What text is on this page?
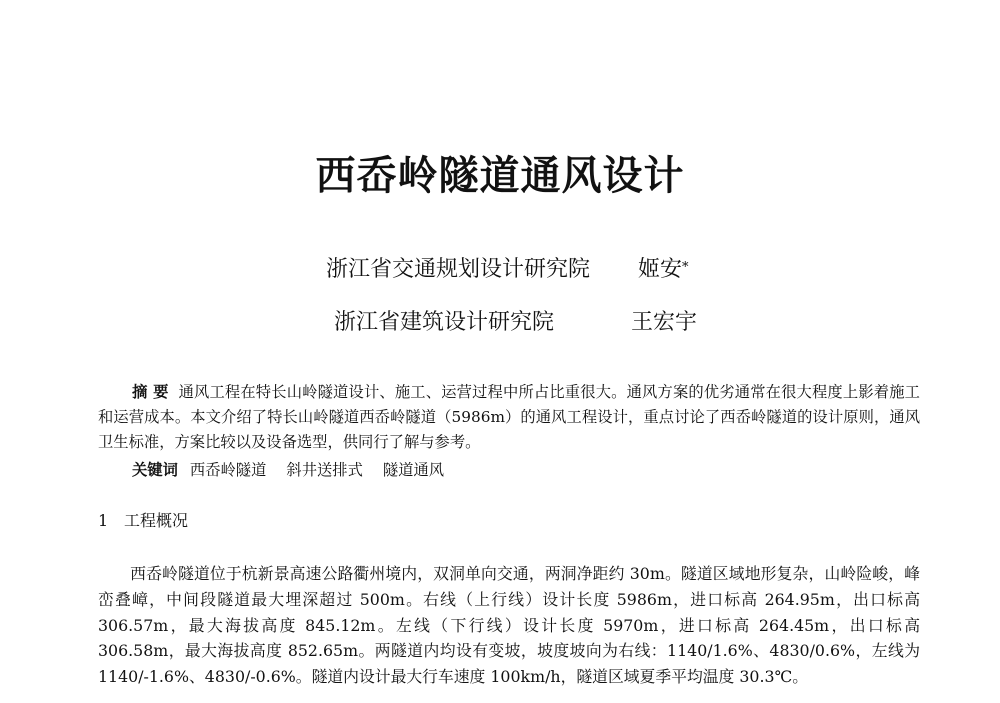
西岙岭隧道通风设计
浙江省交通规划设计研究院 姬安*
浙江省建筑设计研究院	王宏宇
摘 要 通风工程在特长山岭隧道设计、施工、运营过程中所占比重很大。通风方案的优劣通常在很大程度上影着施工和运营成本。本文介绍了特长山岭隧道西岙岭隧道（5986m）的通风工程设计，重点讨论了西岙岭隧道的设计原则，通风卫生标准，方案比较以及设备选型，供同行了解与参考。
关键词 西岙岭隧道 斜井送排式 隧道通风
1 工程概况
西岙岭隧道位于杭新景高速公路衢州境内，双洞单向交通，两洞净距约 30m。隧道区域地形复杂，山岭险峻，峰峦叠嶂，中间段隧道最大埋深超过 500m。右线（上行线）设计长度 5986m，进口标高 264.95m，出口标高 306.57m，最大海拔高度 845.12m。左线（下行线）设计长度 5970m，进口标高 264.45m，出口标高 306.58m，最大海拔高度 852.65m。两隧道内均设有变坡，坡度坡向为右线：1140/1.6%、4830/0.6%，左线为 1140/-1.6%、4830/-0.6%。隧道内设计最大行车速度 100km/h，隧道区域夏季平均温度 30.3℃。
